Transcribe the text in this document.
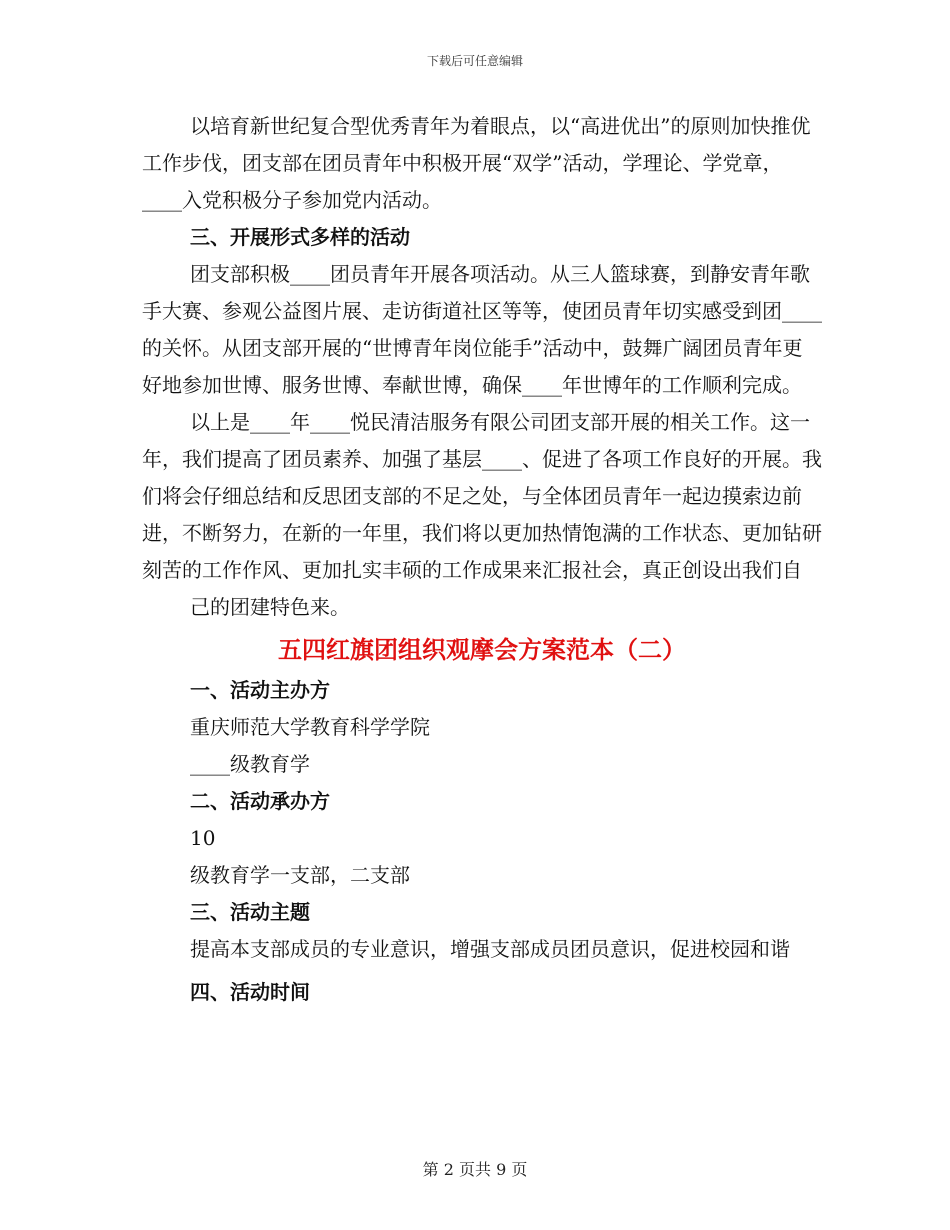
下载后可任意编辑

以培育新世纪复合型优秀青年为着眼点，以“高进优出”的原则加快推优工作步伐，团支部在团员青年中积极开展“双学”活动，学理论、学党章，____入党积极分子参加党内活动。

三、开展形式多样的活动

团支部积极____团员青年开展各项活动。从三人篮球赛，到静安青年歌手大赛、参观公益图片展、走访街道社区等等，使团员青年切实感受到团____的关怀。从团支部开展的“世博青年岗位能手”活动中，鼓舞广阔团员青年更好地参加世博、服务世博、奉献世博，确保____年世博年的工作顺利完成。

以上是____年____悦民清洁服务有限公司团支部开展的相关工作。这一年，我们提高了团员素养、加强了基层____、促进了各项工作良好的开展。我们将会仔细总结和反思团支部的不足之处，与全体团员青年一起边摸索边前进，不断努力，在新的一年里，我们将以更加热情饱满的工作状态、更加钻研刻苦的工作作风、更加扎实丰硕的工作成果来汇报社会，真正创设出我们自

己的团建特色来。

五四红旗团组织观摩会方案范本（二）

一、活动主办方

重庆师范大学教育科学学院

____级教育学

二、活动承办方

10

级教育学一支部，二支部

三、活动主题

提高本支部成员的专业意识，增强支部成员团员意识，促进校园和谐

四、活动时间

第 2 页共 9 页
